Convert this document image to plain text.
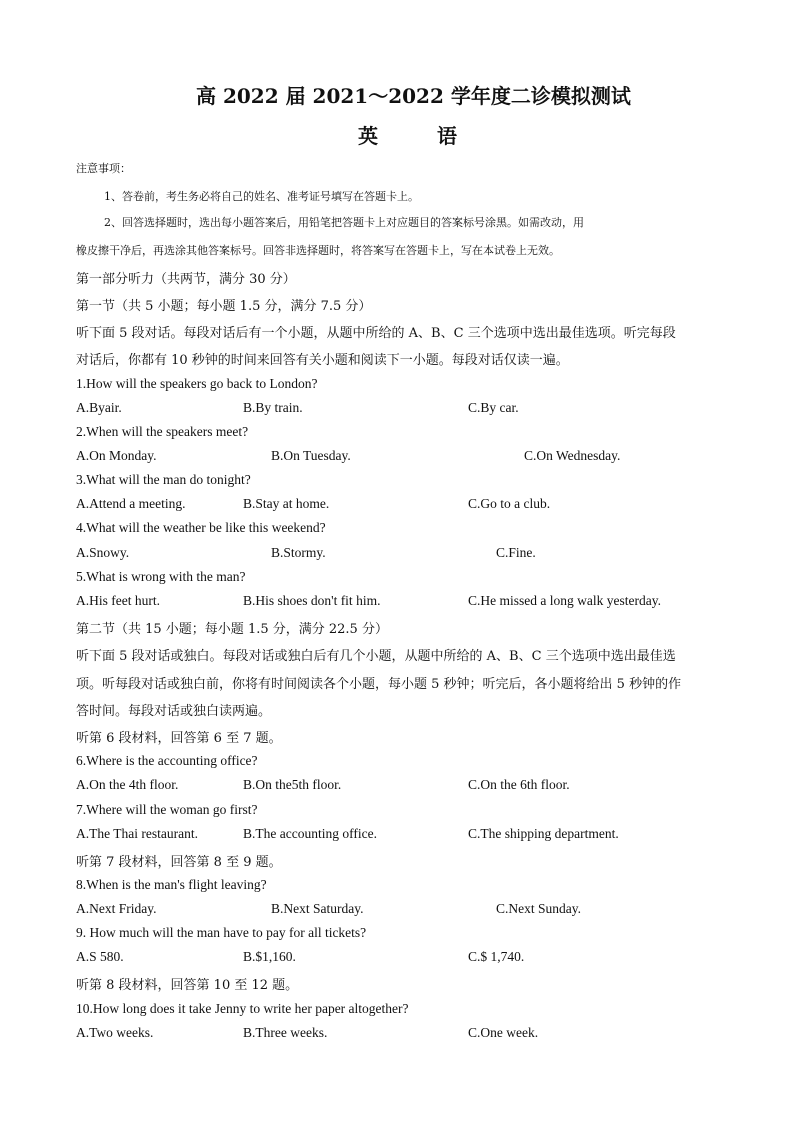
高 2022 届 2021～2022 学年度二诊模拟测试
英 语
注意事项：
1、答卷前，考生务必将自己的姓名、准考证号填写在答题卡上。
2、回答选择题时，选出每小题答案后，用铅笔把答题卡上对应题目的答案标号涂黑。如需改动，用
橡皮擦干净后，再选涂其他答案标号。回答非选择题时，将答案写在答题卡上，写在本试卷上无效。
第一部分听力（共两节，满分 30 分）
第一节（共 5 小题；每小题 1.5 分，满分 7.5 分）
听下面 5 段对话。每段对话后有一个小题，从题中所给的 A、B、C 三个选项中选出最佳选项。听完每段
对话后，你都有 10 秒钟的时间来回答有关小题和阅读下一小题。每段对话仅读一遍。
1.How will the speakers go back to London?
A.Byair.	B.By train.	C.By car.
2.When will the speakers meet?
A.On Monday.	B.On Tuesday.	C.On Wednesday.
3.What will the man do tonight?
A.Attend a meeting.	B.Stay at home.	C.Go to a club.
4.What will the weather be like this weekend?
A.Snowy.	B.Stormy.	C.Fine.
5.What is wrong with the man?
A.His feet hurt.	B.His shoes don't fit him.	C.He missed a long walk yesterday.
第二节（共 15 小题；每小题 1.5 分，满分 22.5 分）
听下面 5 段对话或独白。每段对话或独白后有几个小题，从题中所给的 A、B、C 三个选项中选出最佳选
项。听每段对话或独白前，你将有时间阅读各个小题，每小题 5 秒钟；听完后，各小题将给出 5 秒钟的作
答时间。每段对话或独白读两遍。
听第 6 段材料，回答第 6 至 7 题。
6.Where is the accounting office?
A.On the 4th floor.	B.On the5th floor.	C.On the 6th floor.
7.Where will the woman go first?
A.The Thai restaurant.	B.The accounting office.	C.The shipping department.
听第 7 段材料，回答第 8 至 9 题。
8.When is the man's flight leaving?
A.Next Friday.	B.Next Saturday.	C.Next Sunday.
9. How much will the man have to pay for all tickets?
A.S 580.	B.$1,160.	C.$ 1,740.
听第 8 段材料，回答第 10 至 12 题。
10.How long does it take Jenny to write her paper altogether?
A.Two weeks.	B.Three weeks.	C.One week.
